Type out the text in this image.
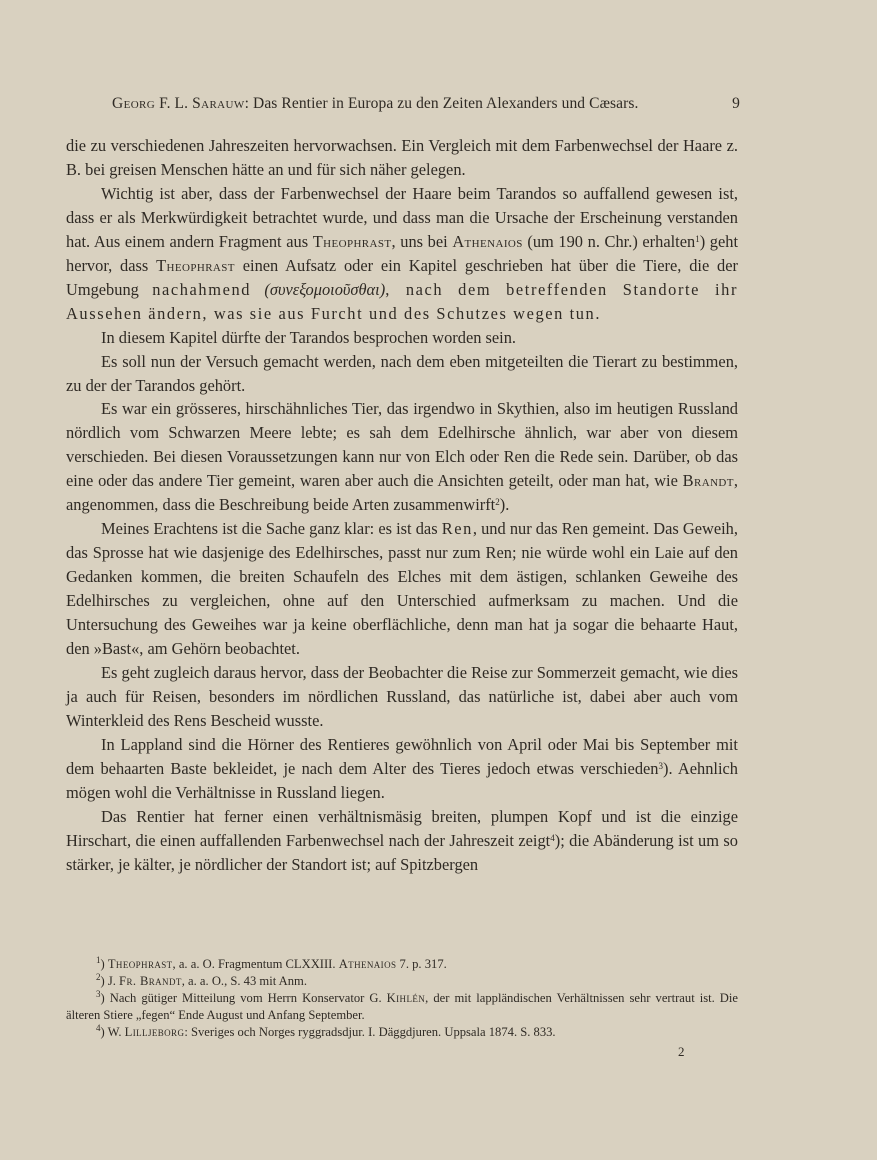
Georg F. L. Sarauw: Das Rentier in Europa zu den Zeiten Alexanders und Cæsars.	9

die zu verschiedenen Jahreszeiten hervorwachsen. Ein Vergleich mit dem Farbenwechsel der Haare z. B. bei greisen Menschen hätte an und für sich näher gelegen.

Wichtig ist aber, dass der Farbenwechsel der Haare beim Tarandos so auffallend gewesen ist, dass er als Merkwürdigkeit betrachtet wurde, und dass man die Ursache der Erscheinung verstanden hat. Aus einem andern Fragment aus Theophrast, uns bei Athenaios (um 190 n. Chr.) erhalten$^1$) geht hervor, dass Theophrast einen Aufsatz oder ein Kapitel geschrieben hat über die Tiere, die der Umgebung nachahmend (συνεξομοιοῦσθαι), nach dem betreffenden Standorte ihr Aussehen ändern, was sie aus Furcht und des Schutzes wegen tun.

In diesem Kapitel dürfte der Tarandos besprochen worden sein.

Es soll nun der Versuch gemacht werden, nach dem eben mitgeteilten die Tierart zu bestimmen, zu der der Tarandos gehört.

Es war ein grösseres, hirschähnliches Tier, das irgendwo in Skythien, also im heutigen Russland nördlich vom Schwarzen Meere lebte; es sah dem Edelhirsche ähnlich, war aber von diesem verschieden. Bei diesen Voraussetzungen kann nur von Elch oder Ren die Rede sein. Darüber, ob das eine oder das andere Tier gemeint, waren aber auch die Ansichten geteilt, oder man hat, wie Brandt, angenommen, dass die Beschreibung beide Arten zusammenwirft$^2$).

Meines Erachtens ist die Sache ganz klar: es ist das Ren, und nur das Ren gemeint. Das Geweih, das Sprosse hat wie dasjenige des Edelhirsches, passt nur zum Ren; nie würde wohl ein Laie auf den Gedanken kommen, die breiten Schaufeln des Elches mit dem ästigen, schlanken Geweihe des Edelhirsches zu vergleichen, ohne auf den Unterschied aufmerksam zu machen. Und die Untersuchung des Geweihes war ja keine oberflächliche, denn man hat ja sogar die behaarte Haut, den »Bast«, am Gehörn beobachtet.

Es geht zugleich daraus hervor, dass der Beobachter die Reise zur Sommerzeit gemacht, wie dies ja auch für Reisen, besonders im nördlichen Russland, das natürliche ist, dabei aber auch vom Winterkleid des Rens Bescheid wusste.

In Lappland sind die Hörner des Rentieres gewöhnlich von April oder Mai bis September mit dem behaarten Baste bekleidet, je nach dem Alter des Tieres jedoch etwas verschieden$^3$). Aehnlich mögen wohl die Verhältnisse in Russland liegen.

Das Rentier hat ferner einen verhältnismäsig breiten, plumpen Kopf und ist die einzige Hirschart, die einen auffallenden Farbenwechsel nach der Jahreszeit zeigt$^4$); die Abänderung ist um so stärker, je kälter, je nördlicher der Standort ist; auf Spitzbergen

$^1$) Theophrast, a. a. O. Fragmentum CLXXIII. Athenaios 7. p. 317.

$^2$) J. Fr. Brandt, a. a. O., S. 43 mit Anm.

$^3$) Nach gütiger Mitteilung vom Herrn Konservator G. Kihlén, der mit lappländischen Verhältnissen sehr vertraut ist. Die älteren Stiere „fegen“ Ende August und Anfang September.

$^4$) W. Lilljeborg: Sveriges och Norges ryggradsdjur. I. Däggdjuren. Uppsala 1874. S. 833.

2
